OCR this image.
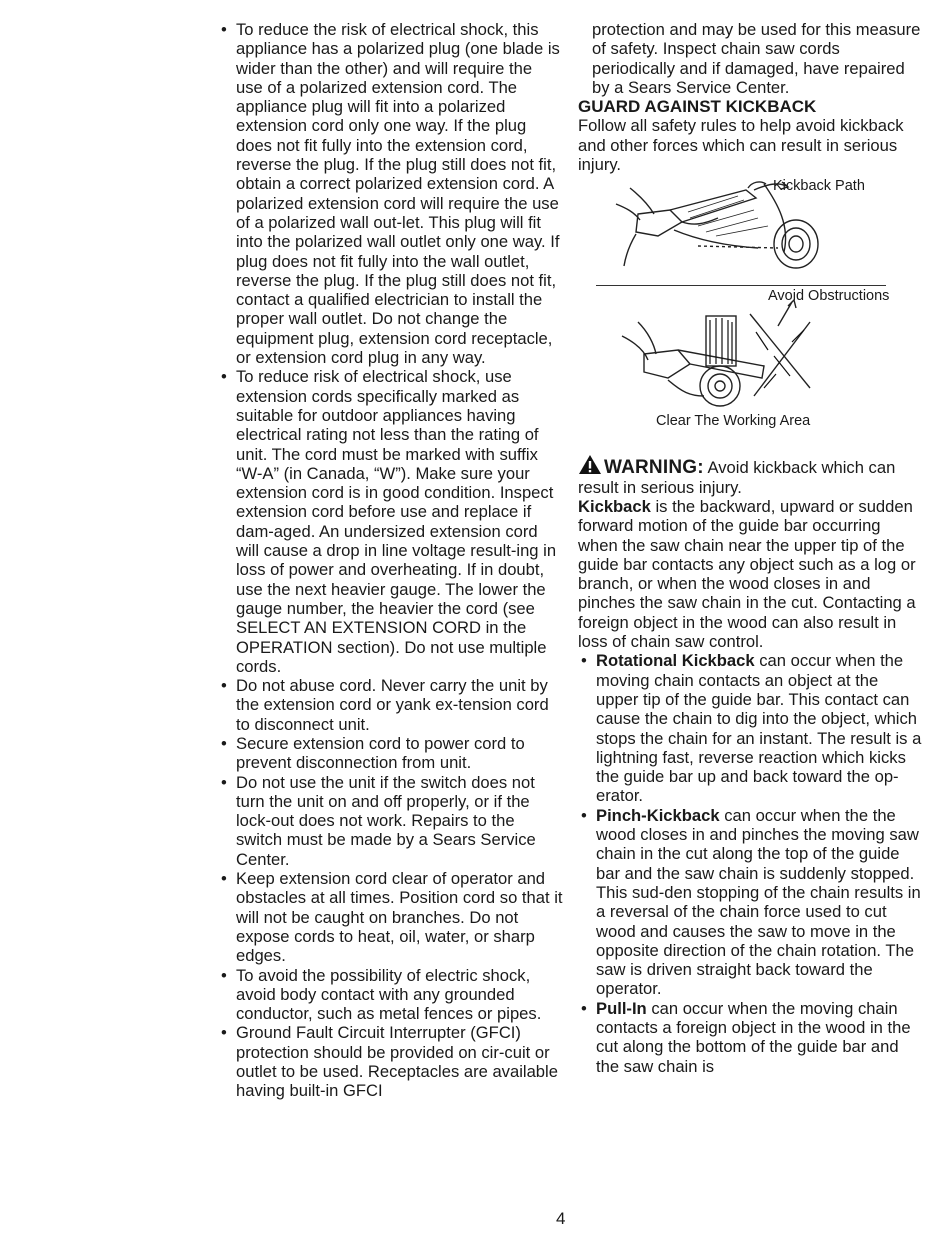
• To reduce the risk of electrical shock, this appliance has a polarized plug (one blade is wider than the other) and will require the use of a polarized extension cord. The appliance plug will fit into a polarized extension cord only one way. If the plug does not fit fully into the extension cord, reverse the plug. If the plug still does not fit, obtain a correct polarized extension cord. A polarized extension cord will require the use of a polarized wall out-let. This plug will fit into the polarized wall outlet only one way. If plug does not fit fully into the wall outlet, reverse the plug. If the plug still does not fit, contact a qualified electrician to install the proper wall outlet. Do not change the equipment plug, extension cord receptacle, or extension cord plug in any way.
• To reduce risk of electrical shock, use extension cords specifically marked as suitable for outdoor appliances having electrical rating not less than the rating of unit. The cord must be marked with suffix “W-A” (in Canada, “W”). Make sure your extension cord is in good condition. Inspect extension cord before use and replace if dam-aged. An undersized extension cord will cause a drop in line voltage result-ing in loss of power and overheating. If in doubt, use the next heavier gauge. The lower the gauge number, the heavier the cord (see SELECT AN EXTENSION CORD in the OPERATION section). Do not use multiple cords.
• Do not abuse cord. Never carry the unit by the extension cord or yank ex-tension cord to disconnect unit.
• Secure extension cord to power cord to prevent disconnection from unit.
• Do not use the unit if the switch does not turn the unit on and off properly, or if the lock-out does not work. Repairs to the switch must be made by a Sears Service Center.
• Keep extension cord clear of operator and obstacles at all times. Position cord so that it will not be caught on branches. Do not expose cords to heat, oil, water, or sharp edges.
• To avoid the possibility of electric shock, avoid body contact with any grounded conductor, such as metal fences or pipes.
• Ground Fault Circuit Interrupter (GFCI) protection should be provided on cir-cuit or outlet to be used. Receptacles are available having built-in GFCI

protection and may be used for this measure of safety. Inspect chain saw cords periodically and if damaged, have repaired by a Sears Service Center.

GUARD AGAINST KICKBACK

Follow all safety rules to help avoid kickback and other forces which can result in serious injury.

Kickback Path
Avoid Obstructions
Clear The Working Area

WARNING: Avoid kickback which can result in serious injury.

Kickback is the backward, upward or sudden forward motion of the guide bar occurring when the saw chain near the upper tip of the guide bar contacts any object such as a log or branch, or when the wood closes in and pinches the saw chain in the cut. Contacting a foreign object in the wood can also result in loss of chain saw control.

• Rotational Kickback can occur when the moving chain contacts an object at the upper tip of the guide bar. This contact can cause the chain to dig into the object, which stops the chain for an instant. The result is a lightning fast, reverse reaction which kicks the guide bar up and back toward the op-erator.
• Pinch-Kickback can occur when the the wood closes in and pinches the moving saw chain in the cut along the top of the guide bar and the saw chain is suddenly stopped. This sud-den stopping of the chain results in a reversal of the chain force used to cut wood and causes the saw to move in the opposite direction of the chain rotation. The saw is driven straight back toward the operator.
• Pull-In can occur when the moving chain contacts a foreign object in the wood in the cut along the bottom of the guide bar and the saw chain is
4
